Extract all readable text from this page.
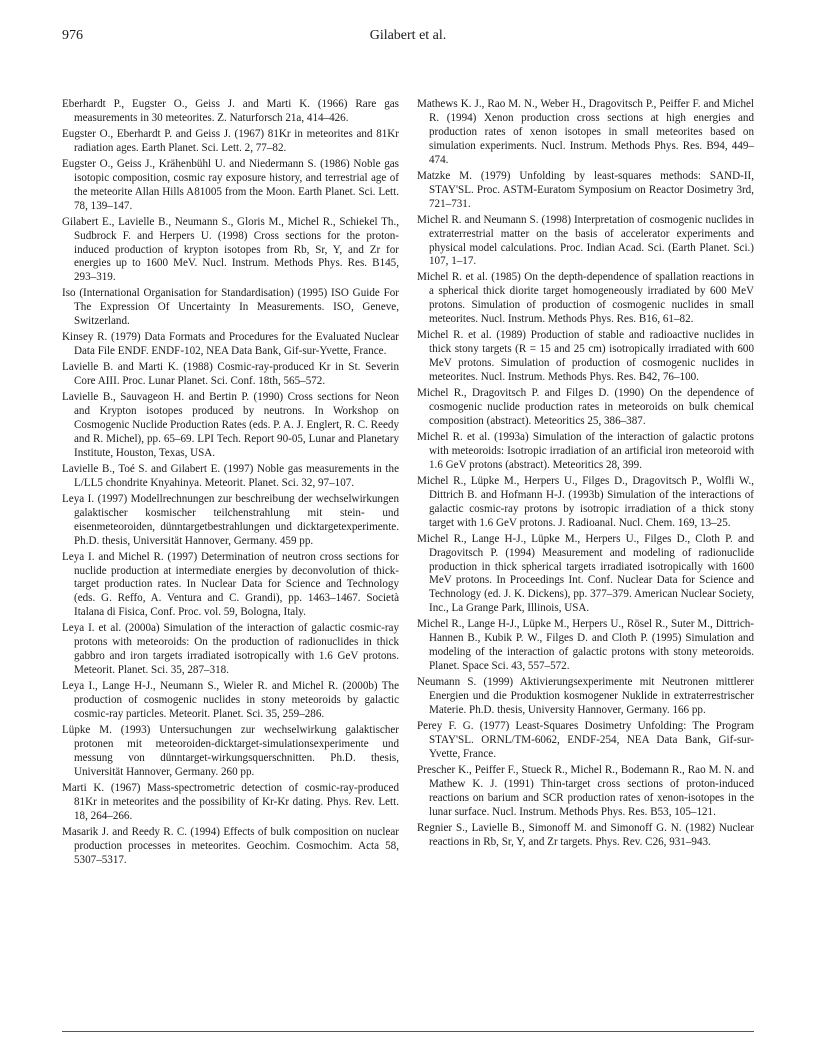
976	Gilabert et al.

Eberhardt P., Eugster O., Geiss J. and Marti K. (1966) Rare gas measurements in 30 meteorites. Z. Naturforsch 21a, 414–426.

Eugster O., Eberhardt P. and Geiss J. (1967) 81Kr in meteorites and 81Kr radiation ages. Earth Planet. Sci. Lett. 2, 77–82.

Eugster O., Geiss J., Krähenbühl U. and Niedermann S. (1986) Noble gas isotopic composition, cosmic ray exposure history, and terrestrial age of the meteorite Allan Hills A81005 from the Moon. Earth Planet. Sci. Lett. 78, 139–147.

Gilabert E., Lavielle B., Neumann S., Gloris M., Michel R., Schiekel Th., Sudbrock F. and Herpers U. (1998) Cross sections for the proton-induced production of krypton isotopes from Rb, Sr, Y, and Zr for energies up to 1600 MeV. Nucl. Instrum. Methods Phys. Res. B145, 293–319.

Iso (International Organisation for Standardisation) (1995) ISO Guide For The Expression Of Uncertainty In Measurements. ISO, Geneve, Switzerland.

Kinsey R. (1979) Data Formats and Procedures for the Evaluated Nuclear Data File ENDF. ENDF-102, NEA Data Bank, Gif-sur-Yvette, France.

Lavielle B. and Marti K. (1988) Cosmic-ray-produced Kr in St. Severin Core AIII. Proc. Lunar Planet. Sci. Conf. 18th, 565–572.

Lavielle B., Sauvageon H. and Bertin P. (1990) Cross sections for Neon and Krypton isotopes produced by neutrons. In Workshop on Cosmogenic Nuclide Production Rates (eds. P. A. J. Englert, R. C. Reedy and R. Michel), pp. 65–69. LPI Tech. Report 90-05, Lunar and Planetary Institute, Houston, Texas, USA.

Lavielle B., Toé S. and Gilabert E. (1997) Noble gas measurements in the L/LL5 chondrite Knyahinya. Meteorit. Planet. Sci. 32, 97–107.

Leya I. (1997) Modellrechnungen zur beschreibung der wechselwirkungen galaktischer kosmischer teilchenstrahlung mit stein- und eisenmeteoroiden, dünntargetbestrahlungen und dicktargetexperimente. Ph.D. thesis, Universität Hannover, Germany. 459 pp.

Leya I. and Michel R. (1997) Determination of neutron cross sections for nuclide production at intermediate energies by deconvolution of thick-target production rates. In Nuclear Data for Science and Technology (eds. G. Reffo, A. Ventura and C. Grandi), pp. 1463–1467. Società Italana di Fisica, Conf. Proc. vol. 59, Bologna, Italy.

Leya I. et al. (2000a) Simulation of the interaction of galactic cosmic-ray protons with meteoroids: On the production of radionuclides in thick gabbro and iron targets irradiated isotropically with 1.6 GeV protons. Meteorit. Planet. Sci. 35, 287–318.

Leya I., Lange H-J., Neumann S., Wieler R. and Michel R. (2000b) The production of cosmogenic nuclides in stony meteoroids by galactic cosmic-ray particles. Meteorit. Planet. Sci. 35, 259–286.

Lüpke M. (1993) Untersuchungen zur wechselwirkung galaktischer protonen mit meteoroiden-dicktarget-simulationsexperimente und messung von dünntarget-wirkungsquerschnitten. Ph.D. thesis, Universität Hannover, Germany. 260 pp.

Marti K. (1967) Mass-spectrometric detection of cosmic-ray-produced 81Kr in meteorites and the possibility of Kr-Kr dating. Phys. Rev. Lett. 18, 264–266.

Masarik J. and Reedy R. C. (1994) Effects of bulk composition on nuclear production processes in meteorites. Geochim. Cosmochim. Acta 58, 5307–5317.

Mathews K. J., Rao M. N., Weber H., Dragovitsch P., Peiffer F. and Michel R. (1994) Xenon production cross sections at high energies and production rates of xenon isotopes in small meteorites based on simulation experiments. Nucl. Instrum. Methods Phys. Res. B94, 449–474.

Matzke M. (1979) Unfolding by least-squares methods: SAND-II, STAY'SL. Proc. ASTM-Euratom Symposium on Reactor Dosimetry 3rd, 721–731.

Michel R. and Neumann S. (1998) Interpretation of cosmogenic nuclides in extraterrestrial matter on the basis of accelerator experiments and physical model calculations. Proc. Indian Acad. Sci. (Earth Planet. Sci.) 107, 1–17.

Michel R. et al. (1985) On the depth-dependence of spallation reactions in a spherical thick diorite target homogeneously irradiated by 600 MeV protons. Simulation of production of cosmogenic nuclides in small meteorites. Nucl. Instrum. Methods Phys. Res. B16, 61–82.

Michel R. et al. (1989) Production of stable and radioactive nuclides in thick stony targets (R = 15 and 25 cm) isotropically irradiated with 600 MeV protons. Simulation of production of cosmogenic nuclides in meteorites. Nucl. Instrum. Methods Phys. Res. B42, 76–100.

Michel R., Dragovitsch P. and Filges D. (1990) On the dependence of cosmogenic nuclide production rates in meteoroids on bulk chemical composition (abstract). Meteoritics 25, 386–387.

Michel R. et al. (1993a) Simulation of the interaction of galactic protons with meteoroids: Isotropic irradiation of an artificial iron meteoroid with 1.6 GeV protons (abstract). Meteoritics 28, 399.

Michel R., Lüpke M., Herpers U., Filges D., Dragovitsch P., Wolfli W., Dittrich B. and Hofmann H-J. (1993b) Simulation of the interactions of galactic cosmic-ray protons by isotropic irradiation of a thick stony target with 1.6 GeV protons. J. Radioanal. Nucl. Chem. 169, 13–25.

Michel R., Lange H-J., Lüpke M., Herpers U., Filges D., Cloth P. and Dragovitsch P. (1994) Measurement and modeling of radionuclide production in thick spherical targets irradiated isotropically with 1600 MeV protons. In Proceedings Int. Conf. Nuclear Data for Science and Technology (ed. J. K. Dickens), pp. 377–379. American Nuclear Society, Inc., La Grange Park, Illinois, USA.

Michel R., Lange H-J., Lüpke M., Herpers U., Rösel R., Suter M., Dittrich-Hannen B., Kubik P. W., Filges D. and Cloth P. (1995) Simulation and modeling of the interaction of galactic protons with stony meteoroids. Planet. Space Sci. 43, 557–572.

Neumann S. (1999) Aktivierungsexperimente mit Neutronen mittlerer Energien und die Produktion kosmogener Nuklide in extraterrestrischer Materie. Ph.D. thesis, University Hannover, Germany. 166 pp.

Perey F. G. (1977) Least-Squares Dosimetry Unfolding: The Program STAY'SL. ORNL/TM-6062, ENDF-254, NEA Data Bank, Gif-sur-Yvette, France.

Prescher K., Peiffer F., Stueck R., Michel R., Bodemann R., Rao M. N. and Mathew K. J. (1991) Thin-target cross sections of proton-induced reactions on barium and SCR production rates of xenon-isotopes in the lunar surface. Nucl. Instrum. Methods Phys. Res. B53, 105–121.

Regnier S., Lavielle B., Simonoff M. and Simonoff G. N. (1982) Nuclear reactions in Rb, Sr, Y, and Zr targets. Phys. Rev. C26, 931–943.
